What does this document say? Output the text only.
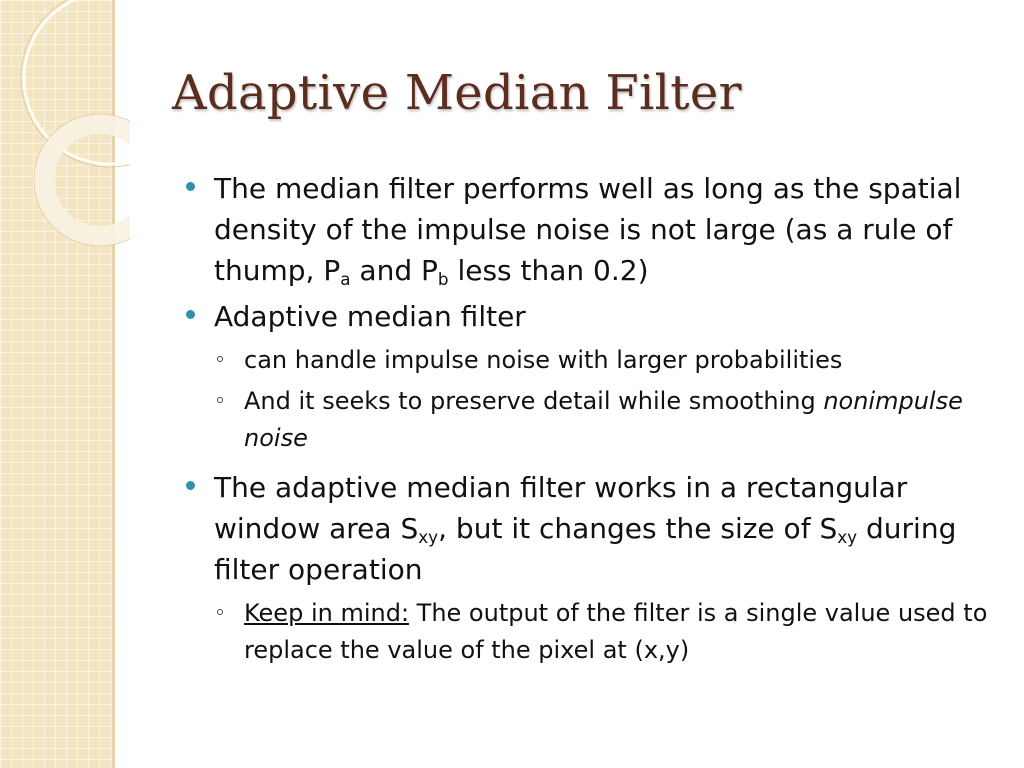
Adaptive Median Filter
The median filter performs well as long as the spatial density of the impulse noise is not large (as a rule of thump, $P_a$ and $P_b$ less than 0.2)
Adaptive median filter
can handle impulse noise with larger probabilities
And it seeks to preserve detail while smoothing nonimpulse noise
The adaptive median filter works in a rectangular window area $S_{xy}$, but it changes the size of $S_{xy}$ during filter operation
Keep in mind: The output of the filter is a single value used to replace the value of the pixel at (x,y)
